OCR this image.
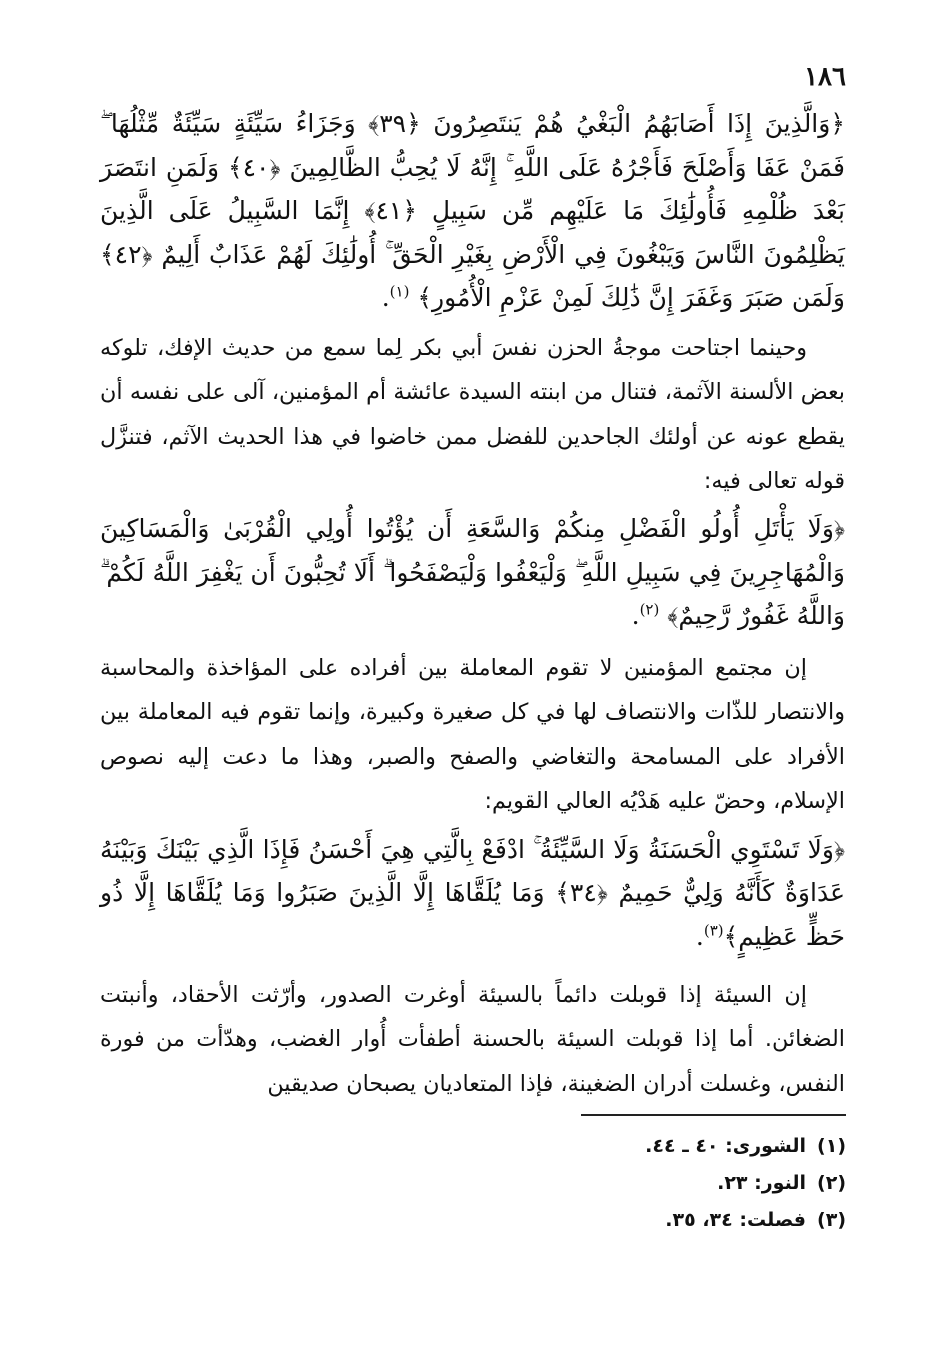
١٨٦

﴿وَالَّذِينَ إِذَا أَصَابَهُمُ الْبَغْيُ هُمْ يَنتَصِرُونَ ﴿٣٩﴾ وَجَزَاءُ سَيِّئَةٍ سَيِّئَةٌ مِّثْلُهَا ۖ فَمَنْ عَفَا وَأَصْلَحَ فَأَجْرُهُ عَلَى اللَّهِ ۚ إِنَّهُ لَا يُحِبُّ الظَّالِمِينَ ﴿٤٠﴾ وَلَمَنِ انتَصَرَ بَعْدَ ظُلْمِهِ فَأُولَٰئِكَ مَا عَلَيْهِم مِّن سَبِيلٍ ﴿٤١﴾ إِنَّمَا السَّبِيلُ عَلَى الَّذِينَ يَظْلِمُونَ النَّاسَ وَيَبْغُونَ فِي الْأَرْضِ بِغَيْرِ الْحَقِّ ۚ أُولَٰئِكَ لَهُمْ عَذَابٌ أَلِيمٌ ﴿٤٢﴾ وَلَمَن صَبَرَ وَغَفَرَ إِنَّ ذَٰلِكَ لَمِنْ عَزْمِ الْأُمُورِ﴾ $^{(١)}$.

وحينما اجتاحت موجةُ الحزن نفسَ أبي بكر لِما سمع من حديث الإفك، تلوكه بعض الألسنة الآثمة، فتنال من ابنته السيدة عائشة أم المؤمنين، آلى على نفسه أن يقطع عونه عن أولئك الجاحدين للفضل ممن خاضوا في هذا الحديث الآثم، فتنزَّل قوله تعالى فيه:

﴿وَلَا يَأْتَلِ أُولُو الْفَضْلِ مِنكُمْ وَالسَّعَةِ أَن يُؤْتُوا أُولِي الْقُرْبَىٰ وَالْمَسَاكِينَ وَالْمُهَاجِرِينَ فِي سَبِيلِ اللَّهِ ۖ وَلْيَعْفُوا وَلْيَصْفَحُوا ۗ أَلَا تُحِبُّونَ أَن يَغْفِرَ اللَّهُ لَكُمْ ۗ وَاللَّهُ غَفُورٌ رَّحِيمٌ﴾ $^{(٢)}$.

إن مجتمع المؤمنين لا تقوم المعاملة بين أفراده على المؤاخذة والمحاسبة والانتصار للذّات والانتصاف لها في كل صغيرة وكبيرة، وإنما تقوم فيه المعاملة بين الأفراد على المسامحة والتغاضي والصفح والصبر، وهذا ما دعت إليه نصوص الإسلام، وحضّ عليه هَدْيُه العالي القويم:

﴿وَلَا تَسْتَوِي الْحَسَنَةُ وَلَا السَّيِّئَةُ ۚ ادْفَعْ بِالَّتِي هِيَ أَحْسَنُ فَإِذَا الَّذِي بَيْنَكَ وَبَيْنَهُ عَدَاوَةٌ كَأَنَّهُ وَلِيٌّ حَمِيمٌ ﴿٣٤﴾ وَمَا يُلَقَّاهَا إِلَّا الَّذِينَ صَبَرُوا وَمَا يُلَقَّاهَا إِلَّا ذُو حَظٍّ عَظِيمٍ﴾$^{(٣)}$.

إن السيئة إذا قوبلت دائماً بالسيئة أوغرت الصدور، وأرّثت الأحقاد، وأنبتت الضغائن. أما إذا قوبلت السيئة بالحسنة أطفأت أُوار الغضب، وهدّأت من فورة النفس، وغسلت أدران الضغينة، فإذا المتعاديان يصبحان صديقين

(١)الشورى: ٤٠ ـ ٤٤.

(٢)النور: ٢٣.

(٣)فصلت: ٣٤، ٣٥.
